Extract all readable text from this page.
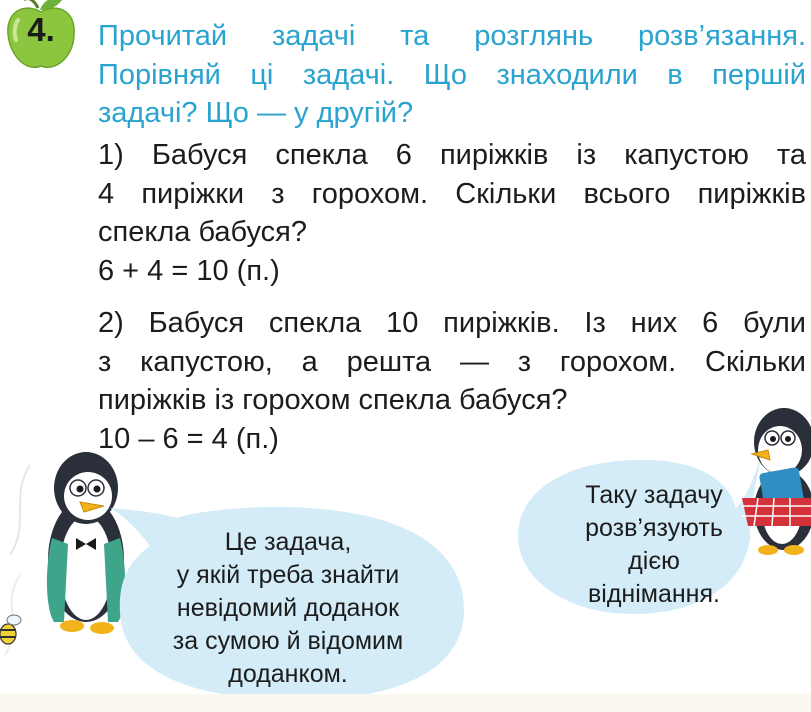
4.	Прочитай задачі та розглянь розв’язання.
Порівняй ці задачі. Що знаходили в першій
задачі? Що — у другій?
1) Бабуся спекла 6 пиріжків із капустою та
4 пиріжки з горохом. Скільки всього пиріжків
спекла бабуся?
6 + 4 = 10 (п.)
2) Бабуся спекла 10 пиріжків. Із них 6 були
з капустою, а решта — з горохом. Скільки
пиріжків із горохом спекла бабуся?
10 – 6 = 4 (п.)
Це задача,
у якій треба знайти
невідомий доданок
за сумою й відомим
доданком.
Таку задачу
розв’язують
дією
віднімання.
